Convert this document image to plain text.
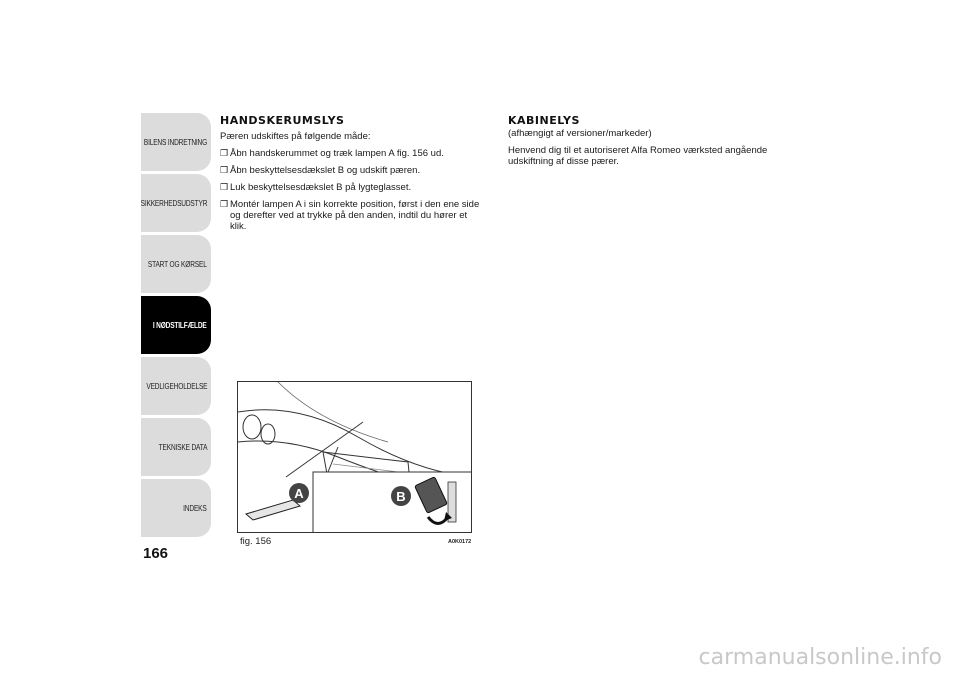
BILENS INDRETNING
SIKKERHEDSUDSTYR
START OG KØRSEL
I NØDSTILFÆLDE
VEDLIGEHOLDELSE
TEKNISKE DATA
INDEKS
166
HANDSKERUMSLYS

Pæren udskiftes på følgende måde:

❒ Åbn handskerummet og træk lampen A fig. 156 ud.
❒ Åbn beskyttelsesdækslet B og udskift pæren.
❒ Luk beskyttelsesdækslet B på lygteglasset.
❒ Montér lampen A i sin korrekte position, først i den ene side og derefter ved at trykke på den anden, indtil du hører et klik.
KABINELYS

(afhængigt af versioner/markeder)

Henvend dig til et autoriseret Alfa Romeo værksted angående udskiftning af disse pærer.

A	B
fig. 156	A0K0172
carmanualsonline.info
